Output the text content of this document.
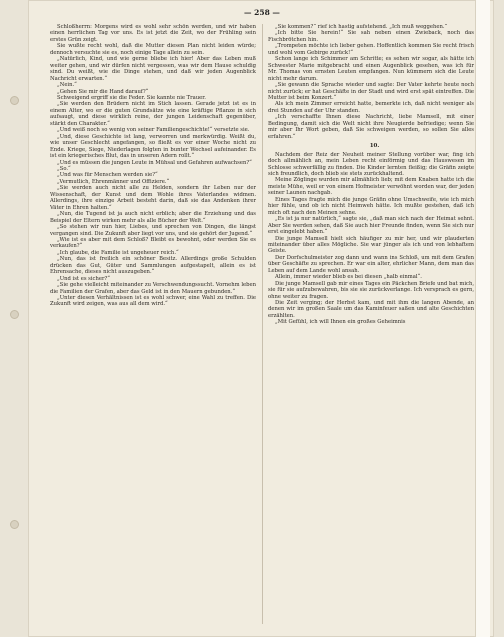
— 258 —

Schloßherrn: Morgens wird es wohl sehr schön werden, und wir haben einen herrlichen Tag vor uns. Es ist jetzt die Zeit, wo der Frühling sein erstes Grün zeigt.

Sie wußte recht wohl, daß die Mutter diesen Plan nicht leiden würde; dennoch versuchte sie es, noch einige Tage allein zu sein.

„Natürlich, Kind, und wie gerne bliebe ich hier! Aber das Leben muß weiter gehen, und wir dürfen nicht vergessen, was wir dem Hause schuldig sind. Du weißt, wie die Dinge stehen, und daß wir jeden Augenblick Nachricht erwarten.“

„Nein.“

„Gehen Sie mir die Hand darauf?“

Schweigend ergriff sie die Feder. Sie kannte nie Trauer.

„Sie werden den Brüdern nicht im Stich lassen. Gerade jetzt ist es in einem Alter, wo er die guten Grundsätze wie eine kräftige Pflanze in sich aufsaugt, und diese wirklich reine, der jungen Leidenschaft gegenüber, stärkt den Charakter.“

„Und weiß noch so wenig von seiner Familiengeschichte!“ versetzte sie.

„Und, diese Geschichte ist lang, verworren und merkwürdig. Weißt du, wie unser Geschlecht angefangen, so fließt es vor einer Woche nicht zu Ende. Kriege, Siege, Niederlagen folgten in bunter Wechsel aufeinander. Es ist ein kriegerisches Blut, das in unseren Adern rollt.“

„Und es müssen die jungen Leute in Mühsal und Gefahren aufwachsen?“

„So.“

„Und was für Menschen werden sie?“

„Vermutlich, Ehrenmänner und Offiziere.“

„Sie werden auch nicht alle zu Helden, sondern ihr Leben nur der Wissenschaft, der Kunst und dem Wohle ihres Vaterlandes widmen. Allerdings, ihre einzige Arbeit besteht darin, daß sie das Andenken ihrer Väter in Ehren halten.“

„Nun, die Tugend ist ja auch nicht erblich; aber die Erziehung und das Beispiel der Eltern wirken mehr als alle Bücher der Welt.“

„So stehen wir nun hier, Liebes, und sprechen von Dingen, die längst vergangen sind. Die Zukunft aber liegt vor uns, und sie gehört der Jugend.“

„Wie ist es aber mit dem Schloß? Bleibt es bewohnt, oder werden Sie es verkaufen?“

„Ich glaube, die Familie ist ungeheuer reich.“

„Nun, das ist freilich ein schöner Besitz. Allerdings große Schulden drücken das Gut, Güter und Sammlungen aufgestapelt, allein es ist Ehrensache, dieses nicht auszugeben.“

„Und ist es sicher?“

„Sie gehe vielleicht miteinander zu Verschwendungssucht. Vornehm leben die Familien der Grafen, aber das Geld ist in den Mauern gebunden.“

„Unter diesen Verhältnissen ist es wohl schwer, eine Wahl zu treffen. Die Zukunft wird zeigen, was aus all dem wird.“

„Sie kommen?“ rief ich hastig aufstehend. „Ich muß weggehen.“

„Ich bitte Sie herein!“ Sie sah neben einen Zwieback, noch das Fischbrötchen hin.

„Trompeten möchte ich lieber gehen. Hoffentlich kommen Sie recht frisch und wohl vom Gebirge zurück!“

Schon lange ich Schimmer am Schritte; es sehen wir sogar, als hätte ich Schwester Marie mitgebracht und einen Augenblick gesehen, was ich für Mr. Thomas von ernsten Leuten empfangen. Nun kümmern sich die Leute nicht mehr darum.

„Sie gewann die Sprache wieder und sagte: Der Vater kehrte heute noch nicht zurück; er hat Geschäfte in der Stadt und wird erst spät eintreffen. Die Mutter ist beim Konzert.“

Als ich mein Zimmer erreicht hatte, bemerkte ich, daß nicht weniger als drei Stunden auf der Uhr standen.

„Ich verschaffte Ihnen diese Nachricht, liebe Mamsell, mit einer Bedingung, damit sich die Welt nicht ihre Neugierde befriedige; wenn Sie mir aber Ihr Wort geben, daß Sie schweigen werden, so sollen Sie alles erfahren.“

10.

Nachdem der Reiz der Neuheit meiner Stellung vorüber war, fing ich doch allmählich an, mein Leben recht einförmig und das Hauswesen im Schlosse schwerfällig zu finden. Die Kinder lernten fleißig; die Gräfin zeigte sich freundlich, doch blieb sie stets zurückhaltend.

Meine Zöglinge wurden mir allmählich lieb; mit dem Knaben hatte ich die meiste Mühe, weil er von einem Hofmeister verwöhnt worden war, der jeden seiner Launen nachgab.

Eines Tages fragte mich die junge Gräfin ohne Umschweife, wie ich mich hier fühle, und ob ich nicht Heimweh hätte. Ich mußte gestehen, daß ich mich oft nach den Meinen sehne.

„Es ist ja nur natürlich,“ sagte sie, „daß man sich nach der Heimat sehnt. Aber Sie werden sehen, daß Sie auch hier Freunde finden, wenn Sie sich nur erst eingelebt haben.“

Die junge Mamsell hielt sich häufiger zu mir her, und wir plauderten miteinander über alles Mögliche. Sie war jünger als ich und von lebhaftem Geiste.

Der Dorfschulmeister zog dann und wann ins Schloß, um mit dem Grafen über Geschäfte zu sprechen. Er war ein alter, ehrlicher Mann, dem man das Leben auf dem Lande wohl ansah.

Allein, immer wieder blieb es bei diesen „halb einmal“.

Die junge Mamsell gab mir eines Tages ein Päckchen Briefe und bat mich, sie für sie aufzubewahren, bis sie sie zurückverlange. Ich versprach es gern, ohne weiter zu fragen.

Die Zeit verging; der Herbst kam, und mit ihm die langen Abende, an denen wir im großen Saale um das Kaminfeuer saßen und alte Geschichten erzählten.

„Mit Gefühl, ich will Ihnen ein großes Geheimnis
